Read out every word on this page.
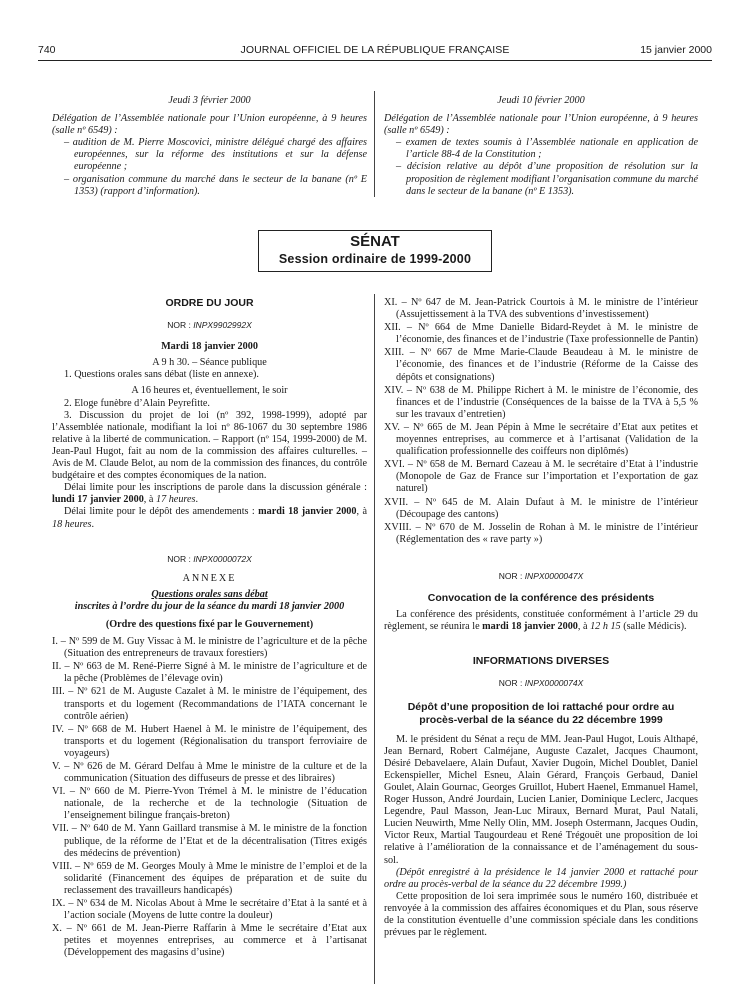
740	JOURNAL OFFICIEL DE LA RÉPUBLIQUE FRANÇAISE	15 janvier 2000

Jeudi 3 février 2000

Délégation de l’Assemblée nationale pour l’Union européenne, à 9 heures (salle nº 6549) :

– audition de M. Pierre Moscovici, ministre délégué chargé des affaires européennes, sur la réforme des institutions et sur la défense européenne ;

– organisation commune du marché dans le secteur de la banane (nº E 1353) (rapport d’information).

Jeudi 10 février 2000

Délégation de l’Assemblée nationale pour l’Union européenne, à 9 heures (salle nº 6549) :

– examen de textes soumis à l’Assemblée nationale en application de l’article 88-4 de la Constitution ;

– décision relative au dépôt d’une proposition de résolution sur la proposition de règlement modifiant l’organisation commune du marché dans le secteur de la banane (nº E 1353).

SÉNAT
Session ordinaire de 1999-2000

ORDRE DU JOUR

NOR : INPX9902992X

Mardi 18 janvier 2000

A 9 h 30. – Séance publique

1. Questions orales sans débat (liste en annexe).

A 16 heures et, éventuellement, le soir

2. Eloge funèbre d’Alain Peyrefitte.

3. Discussion du projet de loi (nº 392, 1998-1999), adopté par l’Assemblée nationale, modifiant la loi nº 86-1067 du 30 septembre 1986 relative à la liberté de communication. – Rapport (nº 154, 1999-2000) de M. Jean-Paul Hugot, fait au nom de la commission des affaires culturelles. – Avis de M. Claude Belot, au nom de la commission des finances, du contrôle budgétaire et des comptes économiques de la nation.

Délai limite pour les inscriptions de parole dans la discussion générale : lundi 17 janvier 2000, à 17 heures.

Délai limite pour le dépôt des amendements : mardi 18 janvier 2000, à 18 heures.

NOR : INPX0000072X

ANNEXE

Questions orales sans débat

inscrites à l’ordre du jour de la séance du mardi 18 janvier 2000

(Ordre des questions fixé par le Gouvernement)

I. – Nº 599 de M. Guy Vissac à M. le ministre de l’agriculture et de la pêche (Situation des entrepreneurs de travaux forestiers)

II. – Nº 663 de M. René-Pierre Signé à M. le ministre de l’agriculture et de la pêche (Problèmes de l’élevage ovin)

III. – Nº 621 de M. Auguste Cazalet à M. le ministre de l’équipement, des transports et du logement (Recommandations de l’IATA concernant le contrôle aérien)

IV. – Nº 668 de M. Hubert Haenel à M. le ministre de l’équipement, des transports et du logement (Régionalisation du transport ferroviaire de voyageurs)

V. – Nº 626 de M. Gérard Delfau à Mme le ministre de la culture et de la communication (Situation des diffuseurs de presse et des libraires)

VI. – Nº 660 de M. Pierre-Yvon Trémel à M. le ministre de l’éducation nationale, de la recherche et de la technologie (Situation de l’enseignement bilingue français-breton)

VII. – Nº 640 de M. Yann Gaillard transmise à M. le ministre de la fonction publique, de la réforme de l’Etat et de la décentralisation (Titres exigés des médecins de prévention)

VIII. – Nº 659 de M. Georges Mouly à Mme le ministre de l’emploi et de la solidarité (Financement des équipes de préparation et de suite du reclassement des travailleurs handicapés)

IX. – Nº 634 de M. Nicolas About à Mme le secrétaire d’Etat à la santé et à l’action sociale (Moyens de lutte contre la douleur)

X. – Nº 661 de M. Jean-Pierre Raffarin à Mme le secrétaire d’Etat aux petites et moyennes entreprises, au commerce et à l’artisanat (Développement des magasins d’usine)

XI. – Nº 647 de M. Jean-Patrick Courtois à M. le ministre de l’intérieur (Assujettissement à la TVA des subventions d’investissement)

XII. – Nº 664 de Mme Danielle Bidard-Reydet à M. le ministre de l’économie, des finances et de l’industrie (Taxe professionnelle de Pantin)

XIII. – Nº 667 de Mme Marie-Claude Beaudeau à M. le ministre de l’économie, des finances et de l’industrie (Réforme de la Caisse des dépôts et consignations)

XIV. – Nº 638 de M. Philippe Richert à M. le ministre de l’économie, des finances et de l’industrie (Conséquences de la baisse de la TVA à 5,5 % sur les travaux d’entretien)

XV. – Nº 665 de M. Jean Pépin à Mme le secrétaire d’Etat aux petites et moyennes entreprises, au commerce et à l’artisanat (Validation de la qualification professionnelle des coiffeurs non diplômés)

XVI. – Nº 658 de M. Bernard Cazeau à M. le secrétaire d’Etat à l’industrie (Monopole de Gaz de France sur l’importation et l’exportation de gaz naturel)

XVII. – Nº 645 de M. Alain Dufaut à M. le ministre de l’intérieur (Découpage des cantons)

XVIII. – Nº 670 de M. Josselin de Rohan à M. le ministre de l’intérieur (Réglementation des « rave party »)

NOR : INPX0000047X

Convocation de la conférence des présidents

La conférence des présidents, constituée conformément à l’article 29 du règlement, se réunira le mardi 18 janvier 2000, à 12 h 15 (salle Médicis).

INFORMATIONS DIVERSES

NOR : INPX0000074X

Dépôt d’une proposition de loi rattaché pour ordre au procès-verbal de la séance du 22 décembre 1999

M. le président du Sénat a reçu de MM. Jean-Paul Hugot, Louis Althapé, Jean Bernard, Robert Calméjane, Auguste Cazalet, Jacques Chaumont, Désiré Debavelaere, Alain Dufaut, Xavier Dugoin, Michel Doublet, Daniel Eckenspieller, Michel Esneu, Alain Gérard, François Gerbaud, Daniel Goulet, Alain Gournac, Georges Gruillot, Hubert Haenel, Emmanuel Hamel, Roger Husson, André Jourdain, Lucien Lanier, Dominique Leclerc, Jacques Legendre, Paul Masson, Jean-Luc Miraux, Bernard Murat, Paul Natali, Lucien Neuwirth, Mme Nelly Olin, MM. Joseph Ostermann, Jacques Oudin, Victor Reux, Martial Taugourdeau et René Trégouët une proposition de loi relative à l’amélioration de la connaissance et de l’aménagement du sous-sol.

(Dépôt enregistré à la présidence le 14 janvier 2000 et rattaché pour ordre au procès-verbal de la séance du 22 décembre 1999.)

Cette proposition de loi sera imprimée sous le numéro 160, distribuée et renvoyée à la commission des affaires économiques et du Plan, sous réserve de la constitution éventuelle d’une commission spéciale dans les conditions prévues par le règlement.
